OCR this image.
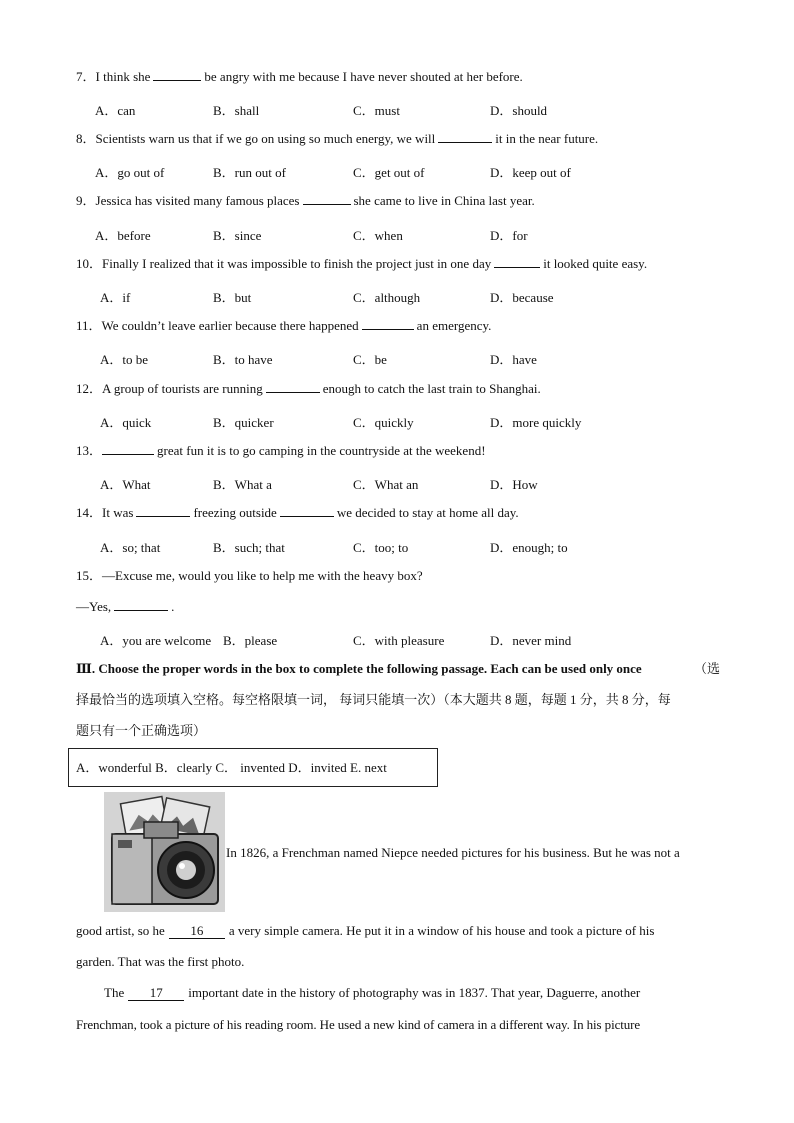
7．I think she	be angry with me because I have never shouted at her before.
A．can	B．shall	C．must	D．should
8．Scientists warn us that if we go on using so much energy, we will	it in the near future.
A．go out of	B．run out of	C．get out of	D．keep out of
9．Jessica has visited many famous places	she came to live in China last year.
A．before	B．since	C．when	D．for
10．Finally I realized that it was impossible to finish the project just in one day	it looked quite easy.
A．if	B．but	C．although	D．because
11．We couldn’t leave earlier because there happened	an emergency.
A．to be	B．to have	C．be	D．have
12．A group of tourists are running	enough to catch the last train to Shanghai.
A．quick	B．quicker	C．quickly	D．more quickly
13．	great fun it is to go camping in the countryside at the weekend!
A．What	B．What a	C．What an	D．How
14．It was	freezing outside	we decided to stay at home all day.
A．so; that	B．such; that	C．too; to	D．enough; to
15．—Excuse me, would you like to help me with the heavy box?
—Yes,	.
A．you are welcome B．please	C．with pleasure	D．never mind
Ⅲ. Choose the proper words in the box to complete the following passage. Each can be used only once	（选
择最恰当的选项填入空格。每空格限填一词， 每词只能填一次）（本大题共 8 题，每题 1 分，共 8 分，每
题只有一个正确选项）
A．wonderful B．clearly C． invented D．invited E. next
In 1826, a Frenchman named Niepce needed pictures for his business. But he was not a
good artist, so he 16 a very simple camera. He put it in a window of his house and took a picture of his
garden. That was the first photo.
The 17 important date in the history of photography was in 1837. That year, Daguerre, another
Frenchman, took a picture of his reading room. He used a new kind of camera in a different way. In his picture
